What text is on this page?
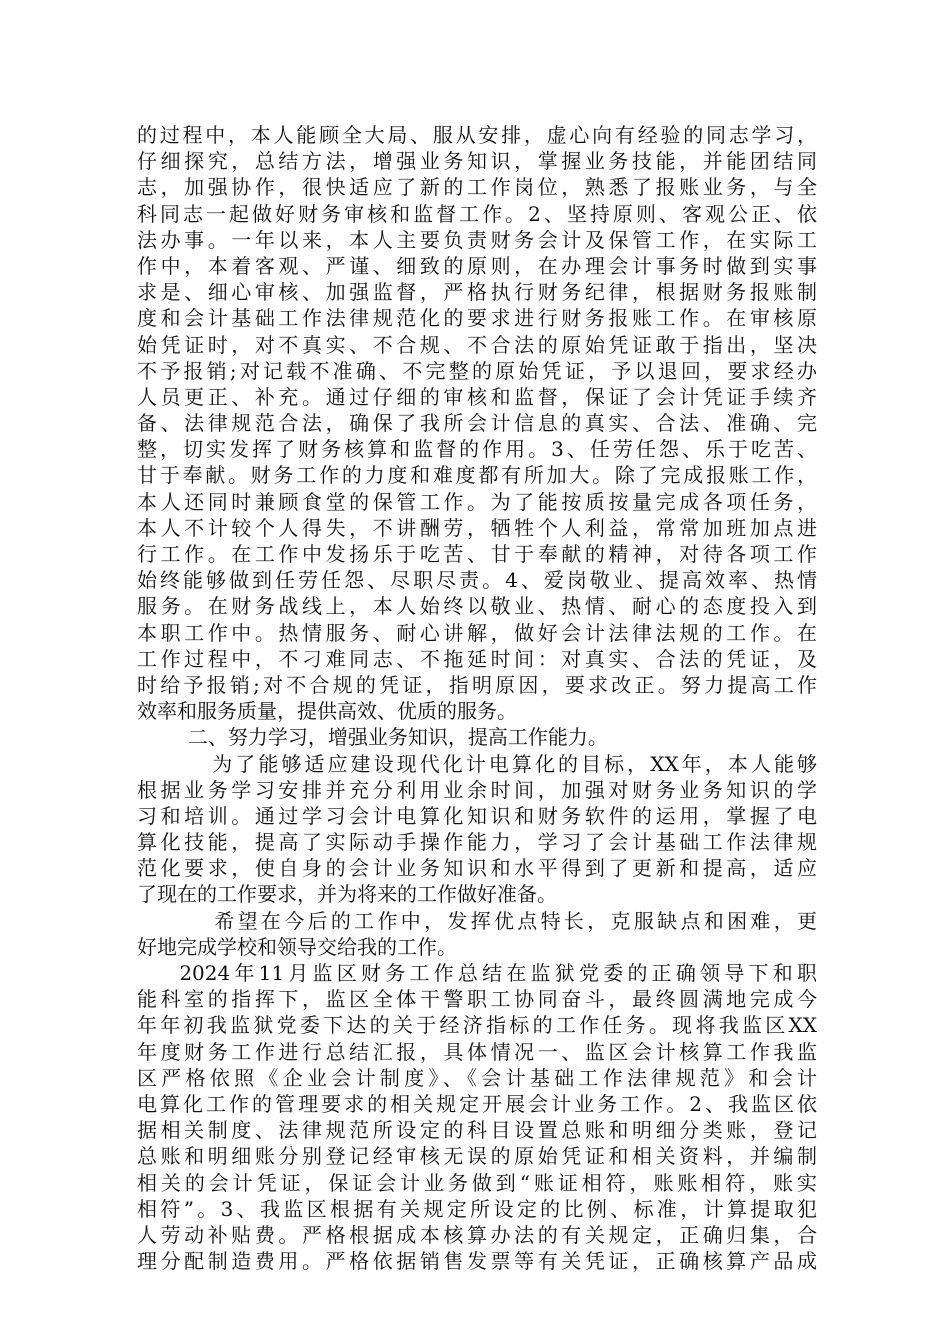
的过程中，本人能顾全大局、服从安排，虚心向有经验的同志学习，
仔细探究，总结方法，增强业务知识，掌握业务技能，并能团结同
志，加强协作，很快适应了新的工作岗位，熟悉了报账业务，与全
科同志一起做好财务审核和监督工作。2、坚持原则、客观公正、依
法办事。一年以来，本人主要负责财务会计及保管工作，在实际工
作中，本着客观、严谨、细致的原则，在办理会计事务时做到实事
求是、细心审核、加强监督，严格执行财务纪律，根据财务报账制
度和会计基础工作法律规范化的要求进行财务报账工作。在审核原
始凭证时，对不真实、不合规、不合法的原始凭证敢于指出，坚决
不予报销;对记载不准确、不完整的原始凭证，予以退回，要求经办
人员更正、补充。通过仔细的审核和监督，保证了会计凭证手续齐
备、法律规范合法，确保了我所会计信息的真实、合法、准确、完
整，切实发挥了财务核算和监督的作用。3、任劳任怨、乐于吃苦、
甘于奉献。财务工作的力度和难度都有所加大。除了完成报账工作，
本人还同时兼顾食堂的保管工作。为了能按质按量完成各项任务，
本人不计较个人得失，不讲酬劳，牺牲个人利益，常常加班加点进
行工作。在工作中发扬乐于吃苦、甘于奉献的精神，对待各项工作
始终能够做到任劳任怨、尽职尽责。4、爱岗敬业、提高效率、热情
服务。在财务战线上，本人始终以敬业、热情、耐心的态度投入到
本职工作中。热情服务、耐心讲解，做好会计法律法规的工作。在
工作过程中，不刁难同志、不拖延时间：对真实、合法的凭证，及
时给予报销;对不合规的凭证，指明原因，要求改正。努力提高工作
效率和服务质量，提供高效、优质的服务。
二、努力学习，增强业务知识，提高工作能力。
为了能够适应建设现代化计电算化的目标，XX年，本人能够
根据业务学习安排并充分利用业余时间，加强对财务业务知识的学
习和培训。通过学习会计电算化知识和财务软件的运用，掌握了电
算化技能，提高了实际动手操作能力，学习了会计基础工作法律规
范化要求，使自身的会计业务知识和水平得到了更新和提高，适应
了现在的工作要求，并为将来的工作做好准备。
希望在今后的工作中，发挥优点特长，克服缺点和困难，更
好地完成学校和领导交给我的工作。
2024年11月监区财务工作总结在监狱党委的正确领导下和职
能科室的指挥下，监区全体干警职工协同奋斗，最终圆满地完成今
年年初我监狱党委下达的关于经济指标的工作任务。现将我监区XX
年度财务工作进行总结汇报，具体情况一、监区会计核算工作我监
区严格依照《企业会计制度》、《会计基础工作法律规范》和会计
电算化工作的管理要求的相关规定开展会计业务工作。2、我监区依
据相关制度、法律规范所设定的科目设置总账和明细分类账，登记
总账和明细账分别登记经审核无误的原始凭证和相关资料，并编制
相关的会计凭证，保证会计业务做到“账证相符，账账相符，账实
相符”。3、我监区根据有关规定所设定的比例、标准，计算提取犯
人劳动补贴费。严格根据成本核算办法的有关规定，正确归集，合
理分配制造费用。严格依据销售发票等有关凭证，正确核算产品成
